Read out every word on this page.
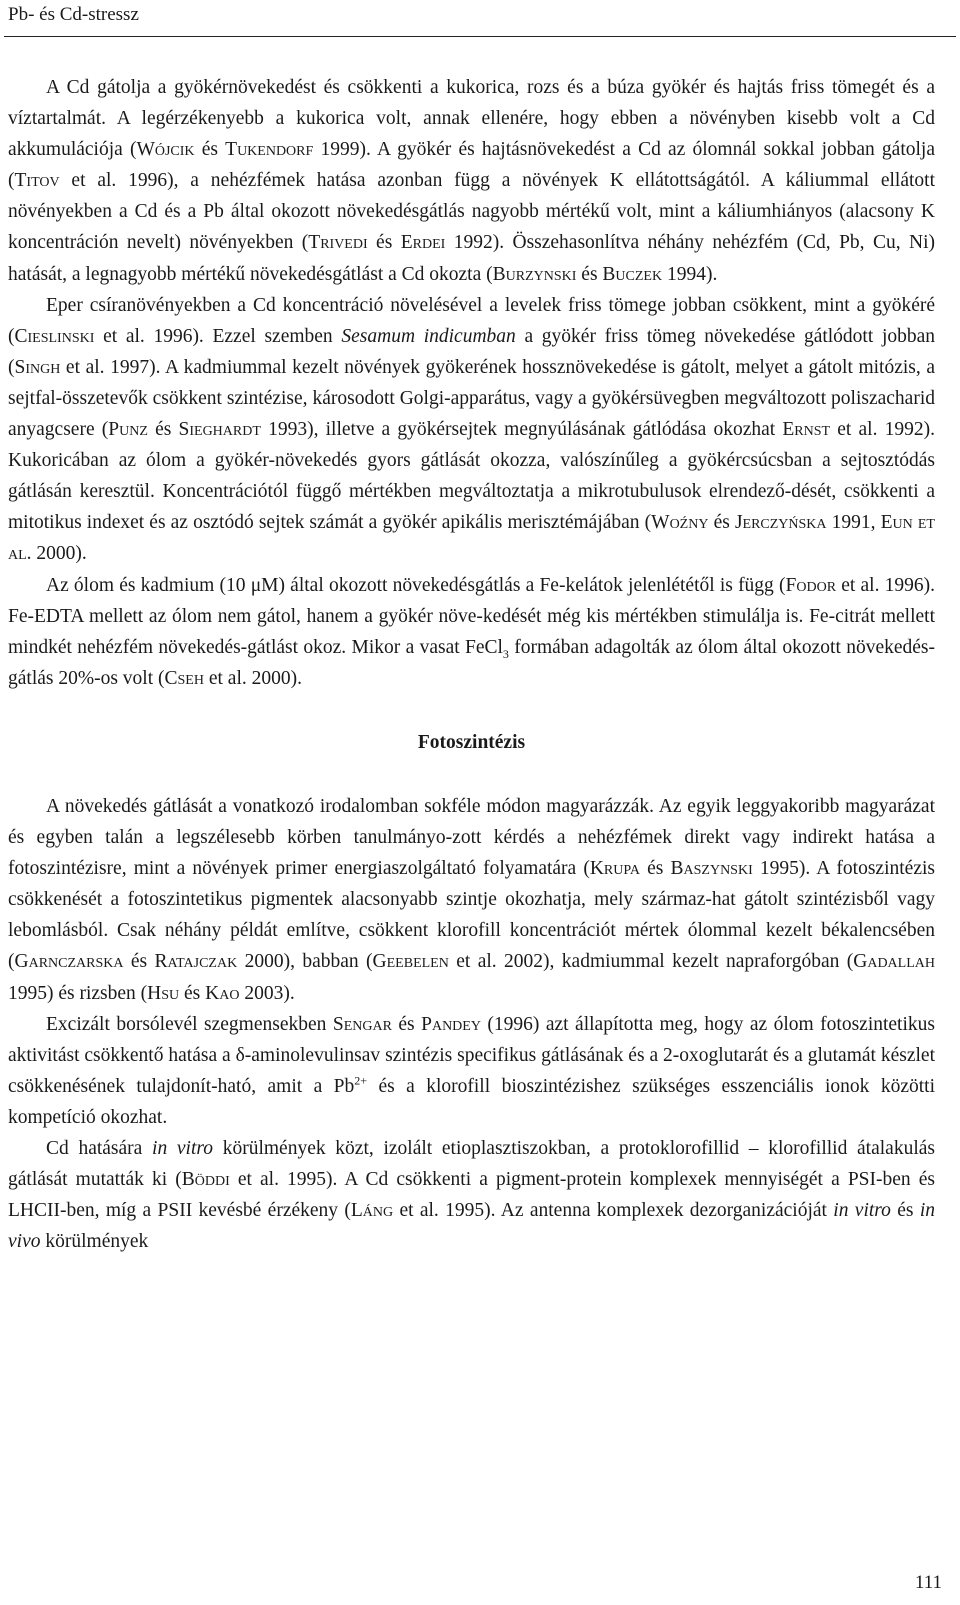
Pb- és Cd-stressz

A Cd gátolja a gyökérnövekedést és csökkenti a kukorica, rozs és a búza gyökér és hajtás friss tömegét és a víztartalmát. A legérzékenyebb a kukorica volt, annak ellenére, hogy ebben a növényben kisebb volt a Cd akkumulációja (Wójcik és Tukendorf 1999). A gyökér és hajtásnövekedést a Cd az ólomnál sokkal jobban gátolja (Titov et al. 1996), a nehézfémek hatása azonban függ a növények K ellátottságától. A káliummal ellátott növényekben a Cd és a Pb által okozott növekedésgátlás nagyobb mértékű volt, mint a káliumhiányos (alacsony K koncentráción nevelt) növényekben (Trivedi és Erdei 1992). Összehasonlítva néhány nehézfém (Cd, Pb, Cu, Ni) hatását, a legnagyobb mértékű növekedésgátlást a Cd okozta (Burzynski és Buczek 1994).

Eper csíranövényekben a Cd koncentráció növelésével a levelek friss tömege jobban csökkent, mint a gyökéré (Cieslinski et al. 1996). Ezzel szemben Sesamum indicumban a gyökér friss tömeg növekedése gátlódott jobban (Singh et al. 1997). A kadmiummal kezelt növények gyökerének hossznövekedése is gátolt, melyet a gátolt mitózis, a sejtfal-összetevők csökkent szintézise, károsodott Golgi-apparátus, vagy a gyökérsüvegben megváltozott poliszacharid anyagcsere (Punz és Sieghardt 1993), illetve a gyökérsejtek megnyúlásának gátlódása okozhat Ernst et al. 1992). Kukoricában az ólom a gyökér-növekedés gyors gátlását okozza, valószínűleg a gyökércsúcsban a sejtosztódás gátlásán keresztül. Koncentrációtól függő mértékben megváltoztatja a mikrotubulusok elrendező-dését, csökkenti a mitotikus indexet és az osztódó sejtek számát a gyökér apikális merisztémájában (Woźny és Jerczyńska 1991, Eun et al. 2000).

Az ólom és kadmium (10 μM) által okozott növekedésgátlás a Fe-kelátok jelenlététől is függ (Fodor et al. 1996). Fe-EDTA mellett az ólom nem gátol, hanem a gyökér növe-kedését még kis mértékben stimulálja is. Fe-citrát mellett mindkét nehézfém növekedés-gátlást okoz. Mikor a vasat FeCl$_3$ formában adagolták az ólom által okozott növekedés-gátlás 20%-os volt (Cseh et al. 2000).

Fotoszintézis

A növekedés gátlását a vonatkozó irodalomban sokféle módon magyarázzák. Az egyik leggyakoribb magyarázat és egyben talán a legszélesebb körben tanulmányo-zott kérdés a nehézfémek direkt vagy indirekt hatása a fotoszintézisre, mint a növények primer energiaszolgáltató folyamatára (Krupa és Baszynski 1995). A fotoszintézis csökkenését a fotoszintetikus pigmentek alacsonyabb szintje okozhatja, mely származ-hat gátolt szintézisből vagy lebomlásból. Csak néhány példát említve, csökkent klorofill koncentrációt mértek ólommal kezelt békalencsében (Garnczarska és Ratajczak 2000), babban (Geebelen et al. 2002), kadmiummal kezelt napraforgóban (Gadallah 1995) és rizsben (Hsu és Kao 2003).

Excizált borsólevél szegmensekben Sengar és Pandey (1996) azt állapította meg, hogy az ólom fotoszintetikus aktivitást csökkentő hatása a δ-aminolevulinsav szintézis specifikus gátlásának és a 2-oxoglutarát és a glutamát készlet csökkenésének tulajdonít-ható, amit a $Pb^{2+}$ és a klorofill bioszintézishez szükséges esszenciális ionok közötti kompetíció okozhat.

Cd hatására in vitro körülmények közt, izolált etioplasztiszokban, a protoklorofillid – klorofillid átalakulás gátlását mutatták ki (Böddi et al. 1995). A Cd csökkenti a pigment-protein komplexek mennyiségét a PSI-ben és LHCII-ben, míg a PSII kevésbé érzékeny (Láng et al. 1995). Az antenna komplexek dezorganizációját in vitro és in vivo körülmények

111
